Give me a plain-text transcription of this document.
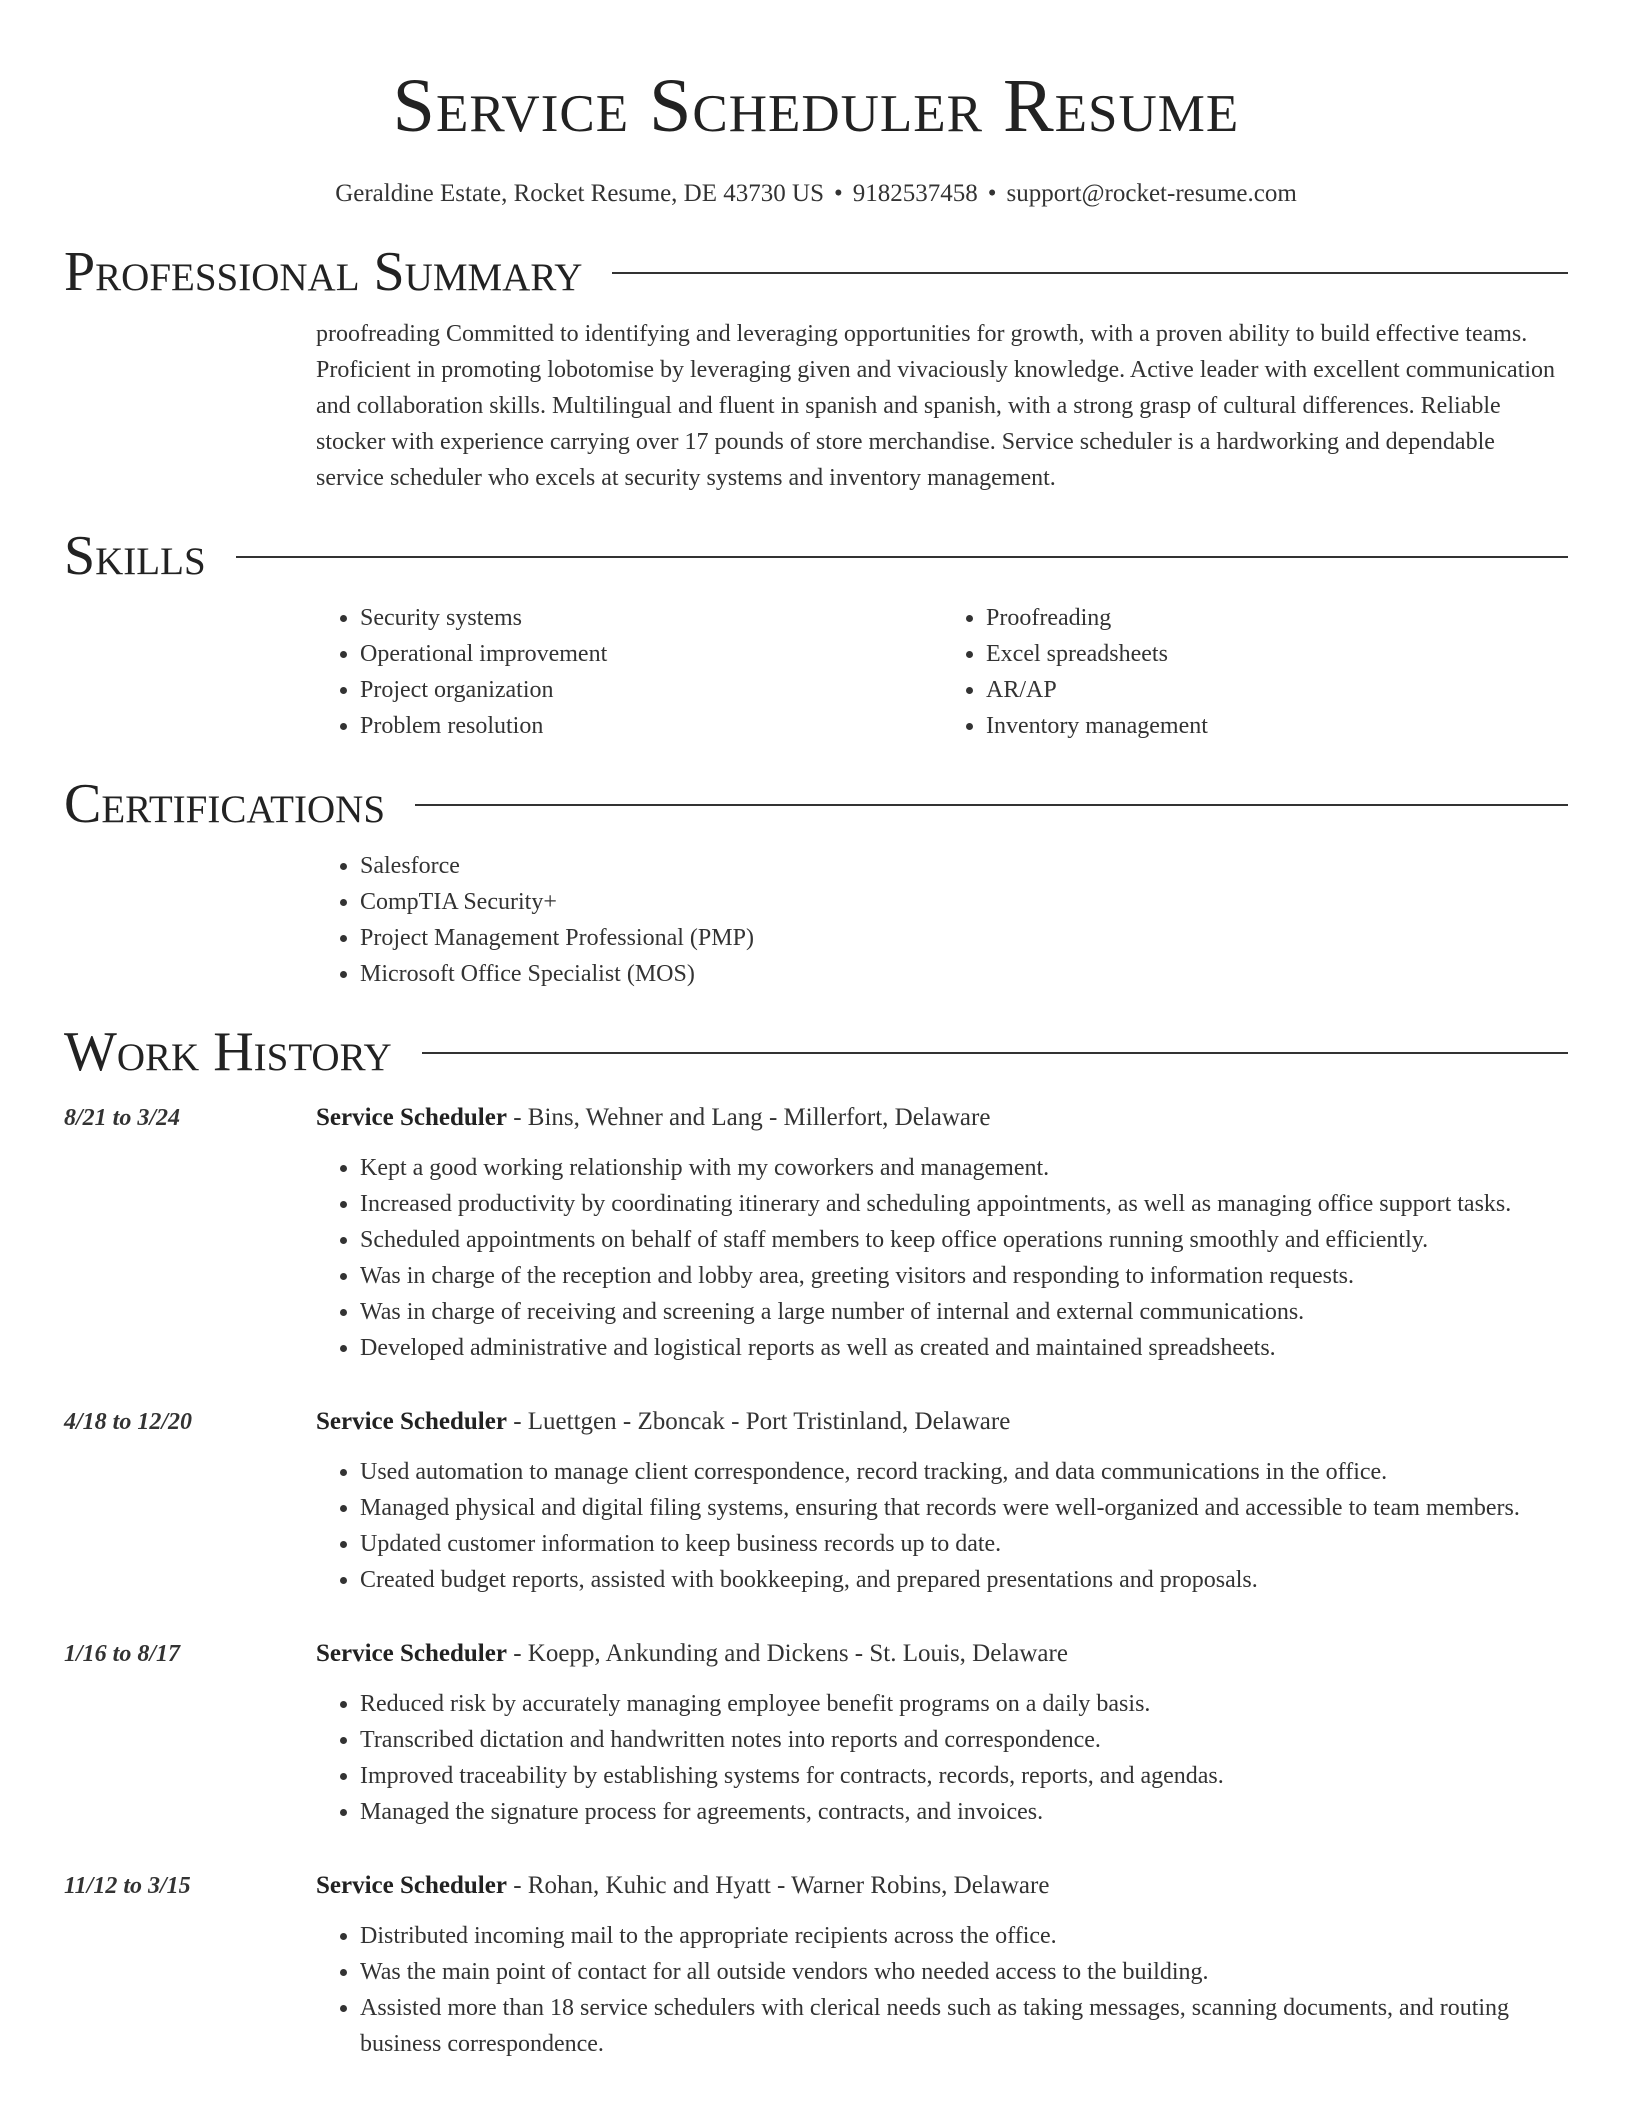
Service Scheduler Resume
Geraldine Estate, Rocket Resume, DE 43730 US • 9182537458 • support@rocket-resume.com
Professional Summary
proofreading Committed to identifying and leveraging opportunities for growth, with a proven ability to build effective teams. Proficient in promoting lobotomise by leveraging given and vivaciously knowledge. Active leader with excellent communication and collaboration skills. Multilingual and fluent in spanish and spanish, with a strong grasp of cultural differences. Reliable stocker with experience carrying over 17 pounds of store merchandise. Service scheduler is a hardworking and dependable service scheduler who excels at security systems and inventory management.
Skills
• Security systems
• Operational improvement
• Project organization
• Problem resolution
• Proofreading
• Excel spreadsheets
• AR/AP
• Inventory management
Certifications
• Salesforce
• CompTIA Security+
• Project Management Professional (PMP)
• Microsoft Office Specialist (MOS)
Work History
8/21 to 3/24	Service Scheduler - Bins, Wehner and Lang - Millerfort, Delaware
• Kept a good working relationship with my coworkers and management.
• Increased productivity by coordinating itinerary and scheduling appointments, as well as managing office support tasks.
• Scheduled appointments on behalf of staff members to keep office operations running smoothly and efficiently.
• Was in charge of the reception and lobby area, greeting visitors and responding to information requests.
• Was in charge of receiving and screening a large number of internal and external communications.
• Developed administrative and logistical reports as well as created and maintained spreadsheets.
4/18 to 12/20	Service Scheduler - Luettgen - Zboncak - Port Tristinland, Delaware
• Used automation to manage client correspondence, record tracking, and data communications in the office.
• Managed physical and digital filing systems, ensuring that records were well-organized and accessible to team members.
• Updated customer information to keep business records up to date.
• Created budget reports, assisted with bookkeeping, and prepared presentations and proposals.
1/16 to 8/17	Service Scheduler - Koepp, Ankunding and Dickens - St. Louis, Delaware
• Reduced risk by accurately managing employee benefit programs on a daily basis.
• Transcribed dictation and handwritten notes into reports and correspondence.
• Improved traceability by establishing systems for contracts, records, reports, and agendas.
• Managed the signature process for agreements, contracts, and invoices.
11/12 to 3/15	Service Scheduler - Rohan, Kuhic and Hyatt - Warner Robins, Delaware
• Distributed incoming mail to the appropriate recipients across the office.
• Was the main point of contact for all outside vendors who needed access to the building.
• Assisted more than 18 service schedulers with clerical needs such as taking messages, scanning documents, and routing business correspondence.
